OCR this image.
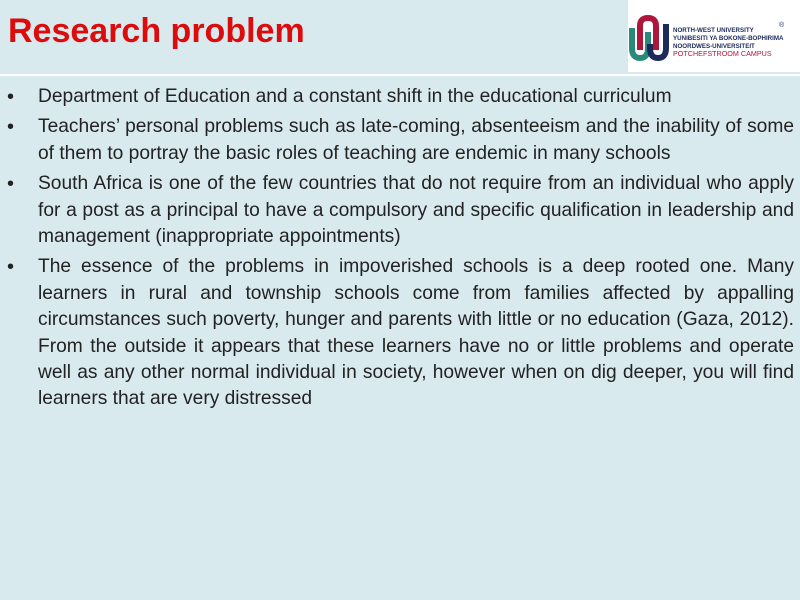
Research problem	NORTH-WEST UNIVERSITY
YUNIBESITI YA BOKONE-BOPHIRIMA
NOORDWES-UNIVERSITEIT
POTCHEFSTROOM CAMPUS
®
• Department of Education and a constant shift in the educational curriculum
• Teachers’ personal problems such as late-coming, absenteeism and the inability of some of them to portray the basic roles of teaching are endemic in many schools
• South Africa is one of the few countries that do not require from an individual who apply for a post as a principal to have a compulsory and specific qualification in leadership and management (inappropriate appointments)
• The essence of the problems in impoverished schools is a deep rooted one. Many learners in rural and township schools come from families affected by appalling circumstances such poverty, hunger and parents with little or no education (Gaza, 2012). From the outside it appears that these learners have no or little problems and operate well as any other normal individual in society, however when on dig deeper, you will find learners that are very distressed
